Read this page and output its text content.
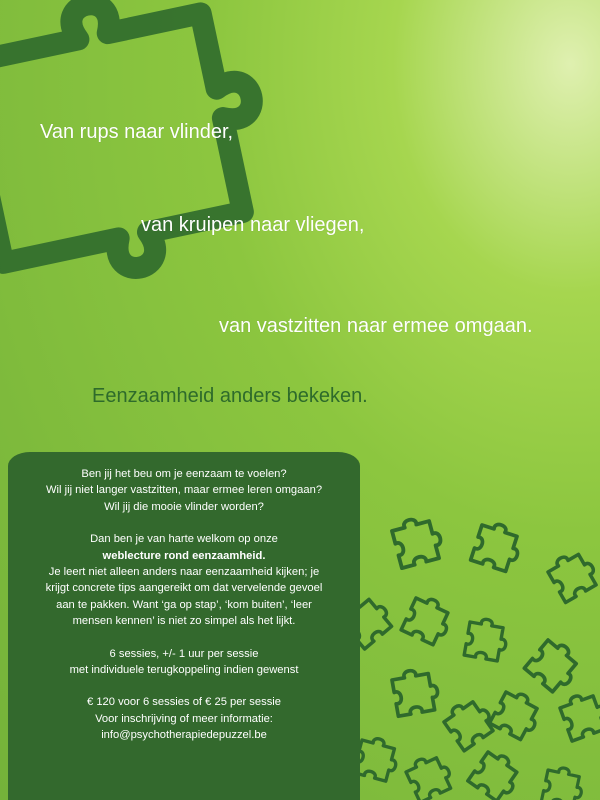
Van rups naar vlinder,
van kruipen naar vliegen,
van vastzitten naar ermee omgaan.
Eenzaamheid anders bekeken.

Ben jij het beu om je eenzaam te voelen?

Wil jij niet langer vastzitten, maar ermee leren omgaan?

Wil jij die mooie vlinder worden?

Dan ben je van harte welkom op onze

weblecture rond eenzaamheid.

Je leert niet alleen anders naar eenzaamheid kijken; je

krijgt concrete tips aangereikt om dat vervelende gevoel

aan te pakken. Want ‘ga op stap’, ‘kom buiten’, ‘leer

mensen kennen’ is niet zo simpel als het lijkt.

6 sessies, +/- 1 uur per sessie

met individuele terugkoppeling indien gewenst

€ 120 voor 6 sessies of € 25 per sessie

Voor inschrijving of meer informatie:

info@psychotherapiedepuzzel.be
